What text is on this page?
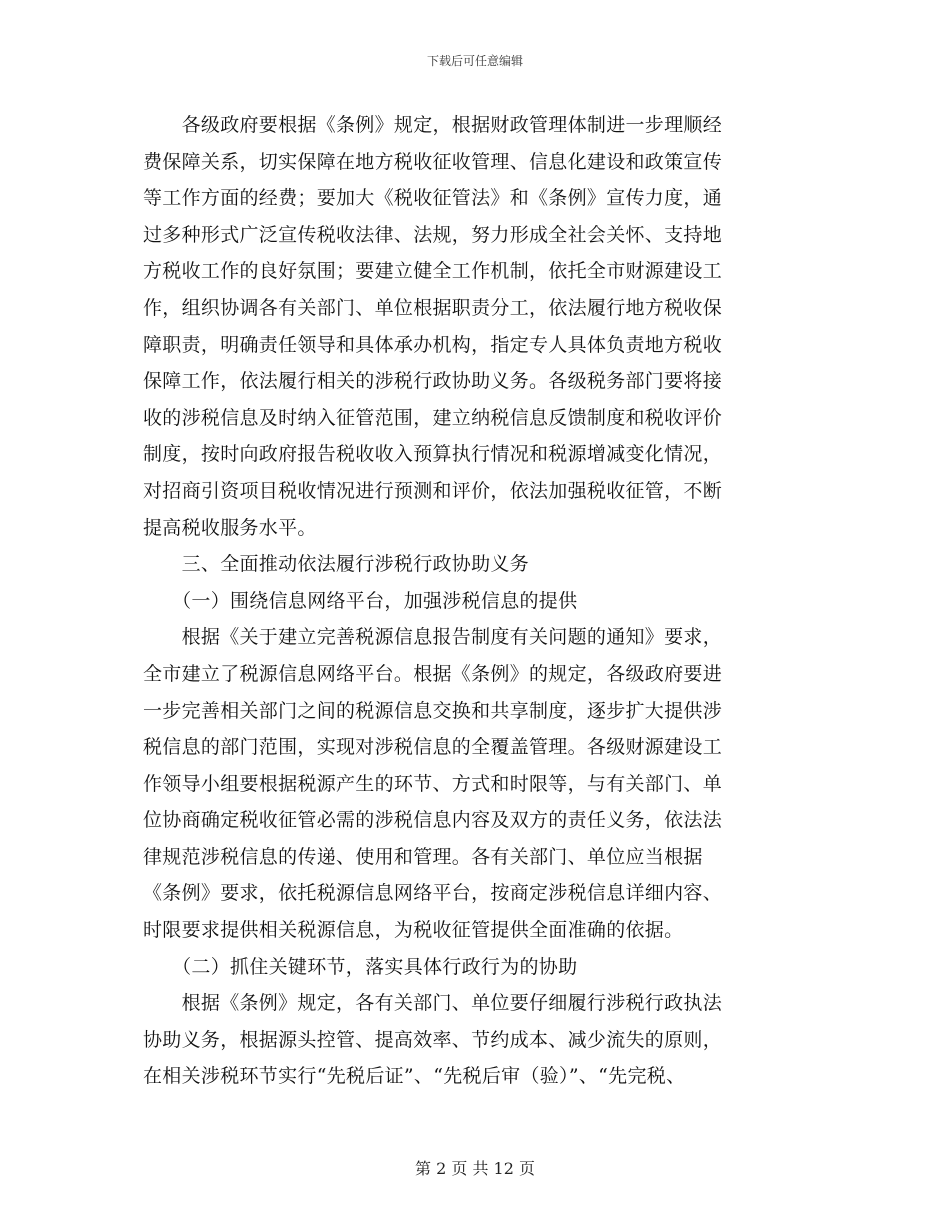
下载后可任意编辑
　　各级政府要根据《条例》规定，根据财政管理体制进一步理顺经
费保障关系，切实保障在地方税收征收管理、信息化建设和政策宣传
等工作方面的经费；要加大《税收征管法》和《条例》宣传力度，通
过多种形式广泛宣传税收法律、法规，努力形成全社会关怀、支持地
方税收工作的良好氛围；要建立健全工作机制，依托全市财源建设工
作，组织协调各有关部门、单位根据职责分工，依法履行地方税收保
障职责，明确责任领导和具体承办机构，指定专人具体负责地方税收
保障工作，依法履行相关的涉税行政协助义务。各级税务部门要将接
收的涉税信息及时纳入征管范围，建立纳税信息反馈制度和税收评价
制度，按时向政府报告税收收入预算执行情况和税源增减变化情况，
对招商引资项目税收情况进行预测和评价，依法加强税收征管，不断
提高税收服务水平。
　　三、全面推动依法履行涉税行政协助义务
　　（一）围绕信息网络平台，加强涉税信息的提供
　　根据《关于建立完善税源信息报告制度有关问题的通知》要求，
全市建立了税源信息网络平台。根据《条例》的规定，各级政府要进
一步完善相关部门之间的税源信息交换和共享制度，逐步扩大提供涉
税信息的部门范围，实现对涉税信息的全覆盖管理。各级财源建设工
作领导小组要根据税源产生的环节、方式和时限等，与有关部门、单
位协商确定税收征管必需的涉税信息内容及双方的责任义务，依法法
律规范涉税信息的传递、使用和管理。各有关部门、单位应当根据
《条例》要求，依托税源信息网络平台，按商定涉税信息详细内容、
时限要求提供相关税源信息，为税收征管提供全面准确的依据。
　　（二）抓住关键环节，落实具体行政行为的协助
　　根据《条例》规定，各有关部门、单位要仔细履行涉税行政执法
协助义务，根据源头控管、提高效率、节约成本、减少流失的原则，
在相关涉税环节实行“先税后证”、“先税后审（验）”、“先完税、
第 2 页 共 12 页
